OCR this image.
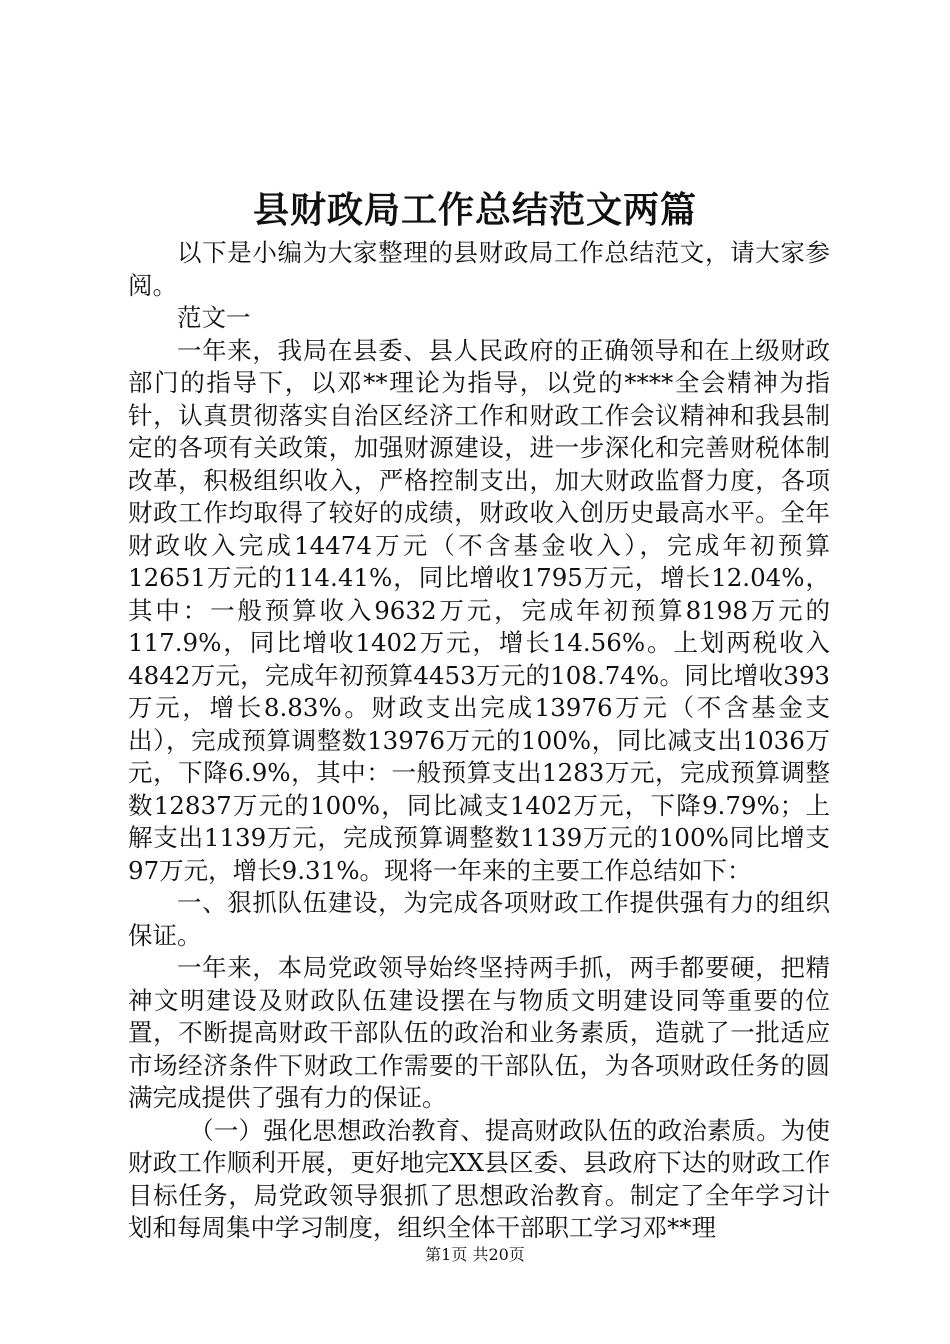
县财政局工作总结范文两篇

以下是小编为大家整理的县财政局工作总结范文，请大家参阅。

范文一

一年来，我局在县委、县人民政府的正确领导和在上级财政部门的指导下，以邓**理论为指导，以党的****全会精神为指针，认真贯彻落实自治区经济工作和财政工作会议精神和我县制定的各项有关政策，加强财源建设，进一步深化和完善财税体制改革，积极组织收入，严格控制支出，加大财政监督力度，各项财政工作均取得了较好的成绩，财政收入创历史最高水平。全年财政收入完成14474万元（不含基金收入），完成年初预算12651万元的114.41%，同比增收1795万元，增长12.04%，其中：一般预算收入9632万元，完成年初预算8198万元的117.9%，同比增收1402万元，增长14.56%。上划两税收入4842万元，完成年初预算4453万元的108.74%。同比增收393万元，增长8.83%。财政支出完成13976万元（不含基金支出），完成预算调整数13976万元的100%，同比减支出1036万元，下降6.9%，其中：一般预算支出1283万元，完成预算调整数12837万元的100%，同比减支1402万元，下降9.79%；上解支出1139万元，完成预算调整数1139万元的100%同比增支97万元，增长9.31%。现将一年来的主要工作总结如下：

一、狠抓队伍建设，为完成各项财政工作提供强有力的组织保证。

一年来，本局党政领导始终坚持两手抓，两手都要硬，把精神文明建设及财政队伍建设摆在与物质文明建设同等重要的位置，不断提高财政干部队伍的政治和业务素质，造就了一批适应市场经济条件下财政工作需要的干部队伍，为各项财政任务的圆满完成提供了强有力的保证。

（一）强化思想政治教育、提高财政队伍的政治素质。为使财政工作顺利开展，更好地完XX县区委、县政府下达的财政工作目标任务，局党政领导狠抓了思想政治教育。制定了全年学习计划和每周集中学习制度，组织全体干部职工学习邓**理

第1页 共20页
